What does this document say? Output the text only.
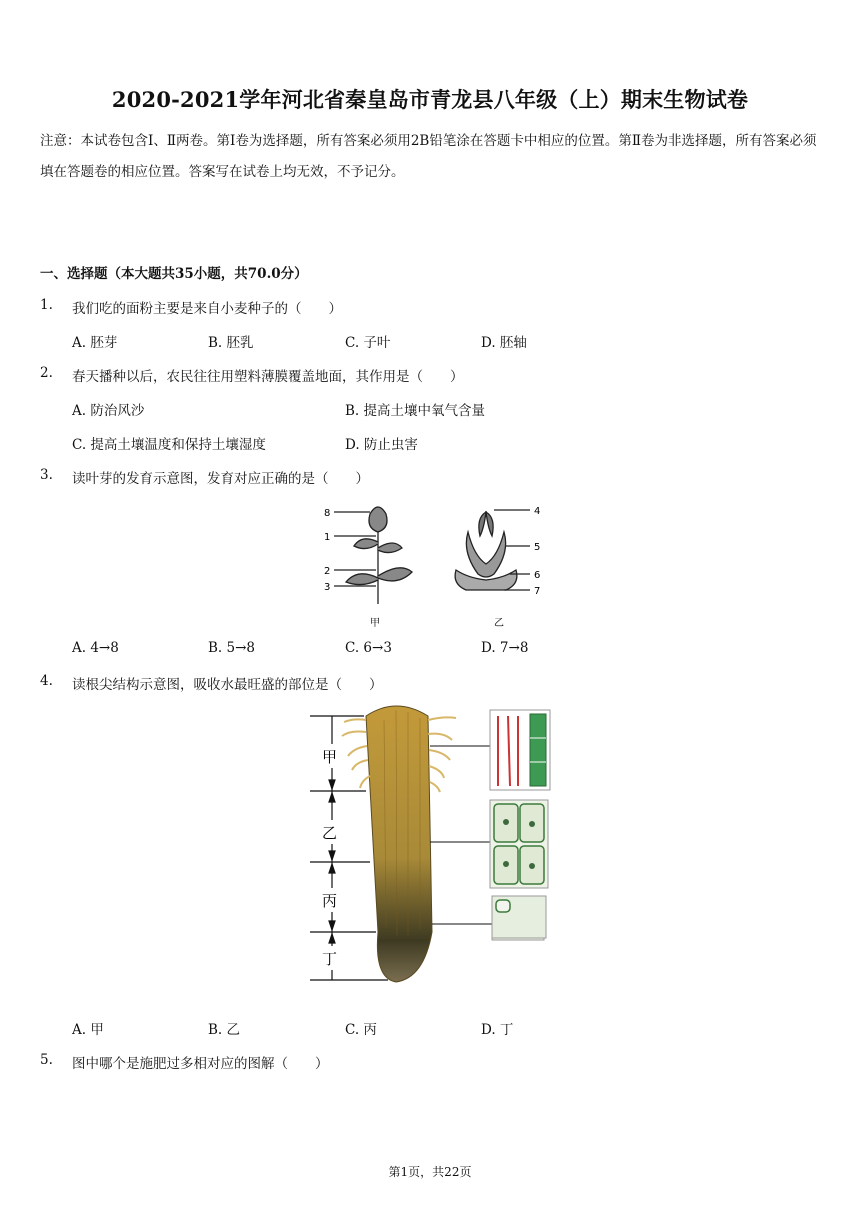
2020-2021学年河北省秦皇岛市青龙县八年级（上）期末生物试卷
注意：本试卷包含Ⅰ、Ⅱ两卷。第Ⅰ卷为选择题，所有答案必须用2B铅笔涂在答题卡中相应的位置。第Ⅱ卷为非选择题，所有答案必须填在答题卷的相应位置。答案写在试卷上均无效，不予记分。
一、选择题（本大题共35小题，共70.0分）
1. 我们吃的面粉主要是来自小麦种子的（　　）
A. 胚芽	B. 胚乳	C. 子叶	D. 胚轴
2. 春天播种以后，农民往往用塑料薄膜覆盖地面，其作用是（　　）
A. 防治风沙	B. 提高土壤中氧气含量
C. 提高土壤温度和保持土壤湿度	D. 防止虫害
3. 读叶芽的发育示意图，发育对应正确的是（　　）
8
1
2
3
甲
4
5
6
7
乙
A. 4→8	B. 5→8	C. 6→3	D. 7→8
4. 读根尖结构示意图，吸收水最旺盛的部位是（　　）
甲
乙
丙
丁
A. 甲	B. 乙	C. 丙	D. 丁
5. 图中哪个是施肥过多相对应的图解（　　）
第1页，共22页
